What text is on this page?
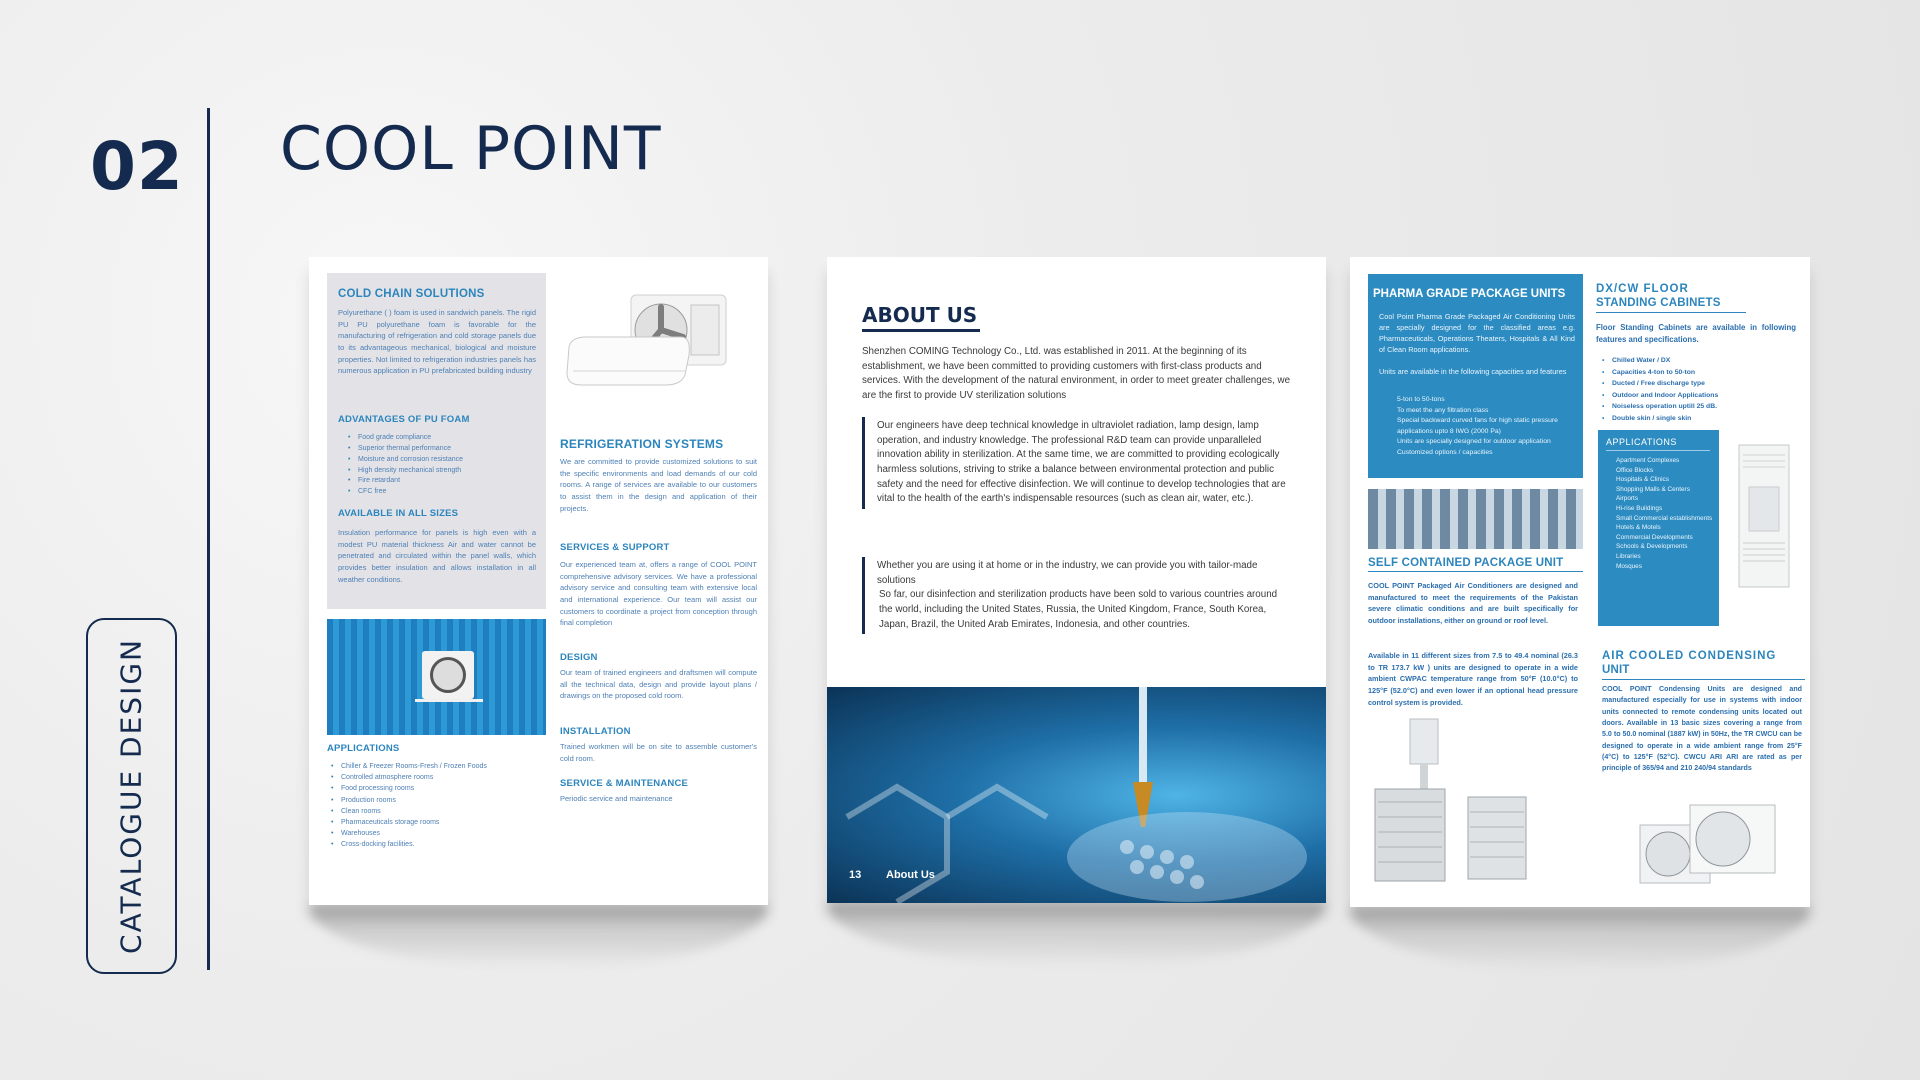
02 COOL POINT
CATALOGUE DESIGN
COLD CHAIN SOLUTIONS
Polyurethane ( ) foam is used in sandwich panels. The rigid PU PU polyurethane foam is favorable for the manufacturing of refrigeration and cold storage panels due to its advantageous mechanical, biological and moisture properties. Not limited to refrigeration industries panels has numerous application in PU prefabricated building industry
ADVANTAGES OF PU FOAM
• Food grade compliance
• Superior thermal performance
• Moisture and corrosion resistance
• High density mechanical strength
• Fire retardant
• CFC free
AVAILABLE IN ALL SIZES
Insulation performance for panels is high even with a modest PU material thickness Air and water cannot be penetrated and circulated within the panel walls, which provides better insulation and allows installation in all weather conditions.
APPLICATIONS
• Chiller & Freezer Rooms-Fresh / Frozen Foods
• Controlled atmosphere rooms
• Food processing rooms
• Production rooms
• Clean rooms
• Pharmaceuticals storage rooms
• Warehouses
• Cross-docking facilities.
REFRIGERATION SYSTEMS
We are committed to provide customized solutions to suit the specific environments and load demands of our cold rooms. A range of services are available to our customers to assist them in the design and application of their projects.
SERVICES & SUPPORT
Our experienced team at, offers a range of COOL POINT comprehensive advisory services. We have a professional advisory service and consulting team with extensive local and international experience. Our team will assist our customers to coordinate a project from conception through final completion
DESIGN
Our team of trained engineers and draftsmen will compute all the technical data, design and provide layout plans / drawings on the proposed cold room.
INSTALLATION
Trained workmen will be on site to assemble customer's cold room.
SERVICE & MAINTENANCE
Periodic service and maintenance
ABOUT US
Shenzhen COMING Technology Co., Ltd. was established in 2011. At the beginning of its establishment, we have been committed to providing customers with first-class products and services. With the development of the natural environment, in order to meet greater challenges, we are the first to provide UV sterilization solutions
Our engineers have deep technical knowledge in ultraviolet radiation, lamp design, lamp operation, and industry knowledge. The professional R&D team can provide unparalleled innovation ability in sterilization. At the same time, we are committed to providing ecologically harmless solutions, striving to strike a balance between environmental protection and public safety and the need for effective disinfection. We will continue to develop technologies that are vital to the health of the earth's indispensable resources (such as clean air, water, etc.).
Whether you are using it at home or in the industry, we can provide you with tailor-made solutions
So far, our disinfection and sterilization products have been sold to various countries around the world, including the United States, Russia, the United Kingdom, France, South Korea, Japan, Brazil, the United Arab Emirates, Indonesia, and other countries.
13 About Us
PHARMA GRADE PACKAGE UNITS
Cool Point Pharma Grade Packaged Air Conditioning Units are specially designed for the classified areas e.g. Pharmaceuticals, Operations Theaters, Hospitals & All Kind of Clean Room applications.
Units are available in the following capacities and features
• 5-ton to 50-tons
• To meet the any filtration class
• Special backward curved fans for high static pressure applications upto 8 IWG (2000 Pa)
• Units are specially designed for outdoor application
• Customized options / capacities
SELF CONTAINED PACKAGE UNIT
COOL POINT Packaged Air Conditioners are designed and manufactured to meet the requirements of the Pakistan severe climatic conditions and are built specifically for outdoor installations, either on ground or roof level.
Available in 11 different sizes from 7.5 to 49.4 nominal (26.3 to TR 173.7 kW ) units are designed to operate in a wide ambient CWPAC temperature range from 50°F (10.0°C) to 125°F (52.0°C) and even lower if an optional head pressure control system is provided.
DX/CW FLOOR
STANDING CABINETS
Floor Standing Cabinets are available in following features and specifications.
• Chilled Water / DX
• Capacities 4-ton to 50-ton
• Ducted / Free discharge type
• Outdoor and Indoor Applications
• Noiseless operation uptill 25 dB.
• Double skin / single skin
APPLICATIONS
• Apartment Complexes
• Office Blocks
• Hospitals & Clinics
• Shopping Malls & Centers
• Airports
• Hi-rise Buildings
• Small Commercial establishments
• Hotels & Motels
• Commercial Developments
• Schools & Developments
• Libraries
• Mosques
AIR COOLED CONDENSING
UNIT
COOL POINT Condensing Units are designed and manufactured especially for use in systems with indoor units connected to remote condensing units located out doors. Available in 13 basic sizes covering a range from 5.0 to 50.0 nominal (1887 kW) in 50Hz, the TR CWCU can be designed to operate in a wide ambient range from 25°F (4°C) to 125°F (52°C). CWCU ARI ARI are rated as per principle of 365/94 and 210 240/94 standards
